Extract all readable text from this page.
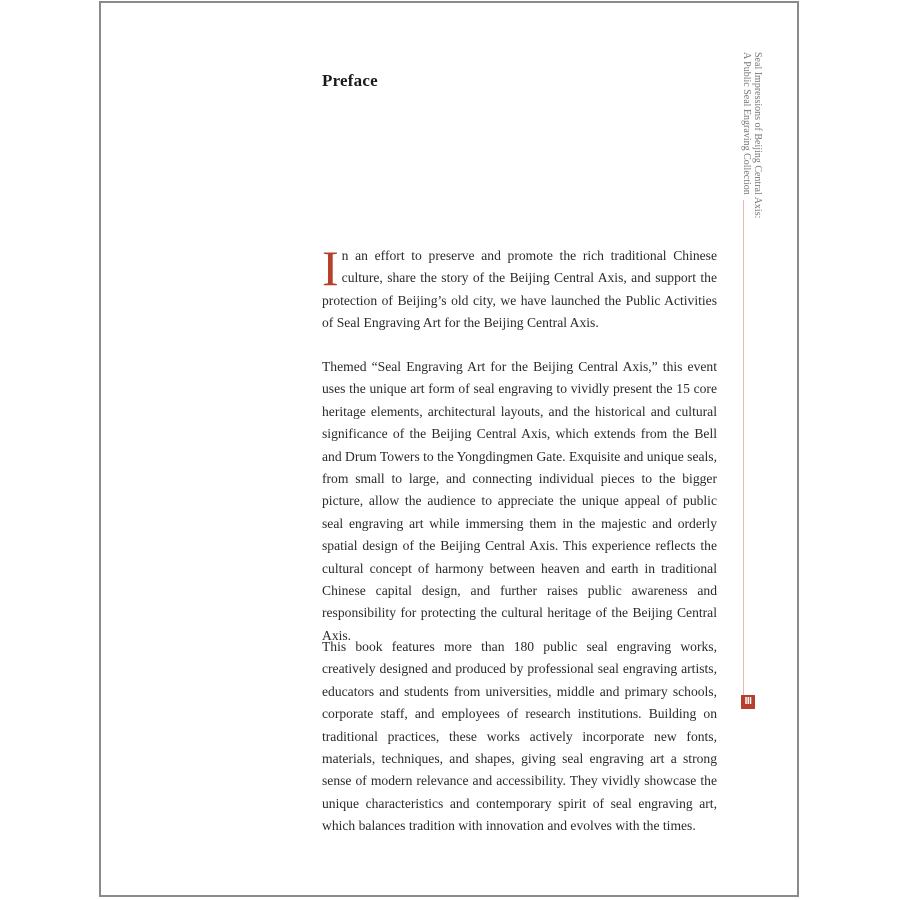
Preface	Seal Impressions of Beijing Central Axis:
A Public Seal Engraving Collection
III

In an effort to preserve and promote the rich traditional Chinese culture, share the story of the Beijing Central Axis, and support the protection of Beijing’s old city, we have launched the Public Activities of Seal Engraving Art for the Beijing Central Axis.

Themed “Seal Engraving Art for the Beijing Central Axis,” this event uses the unique art form of seal engraving to vividly present the 15 core heritage elements, architectural layouts, and the historical and cultural significance of the Beijing Central Axis, which extends from the Bell and Drum Towers to the Yongdingmen Gate. Exquisite and unique seals, from small to large, and connecting individual pieces to the bigger picture, allow the audience to appreciate the unique appeal of public seal engraving art while immersing them in the majestic and orderly spatial design of the Beijing Central Axis. This experience reflects the cultural concept of harmony between heaven and earth in traditional Chinese capital design, and further raises public awareness and responsibility for protecting the cultural heritage of the Beijing Central Axis.

This book features more than 180 public seal engraving works, creatively designed and produced by professional seal engraving artists, educators and students from universities, middle and primary schools, corporate staff, and employees of research institutions. Building on traditional practices, these works actively incorporate new fonts, materials, techniques, and shapes, giving seal engraving art a strong sense of modern relevance and accessibility. They vividly showcase the unique characteristics and contemporary spirit of seal engraving art, which balances tradition with innovation and evolves with the times.
